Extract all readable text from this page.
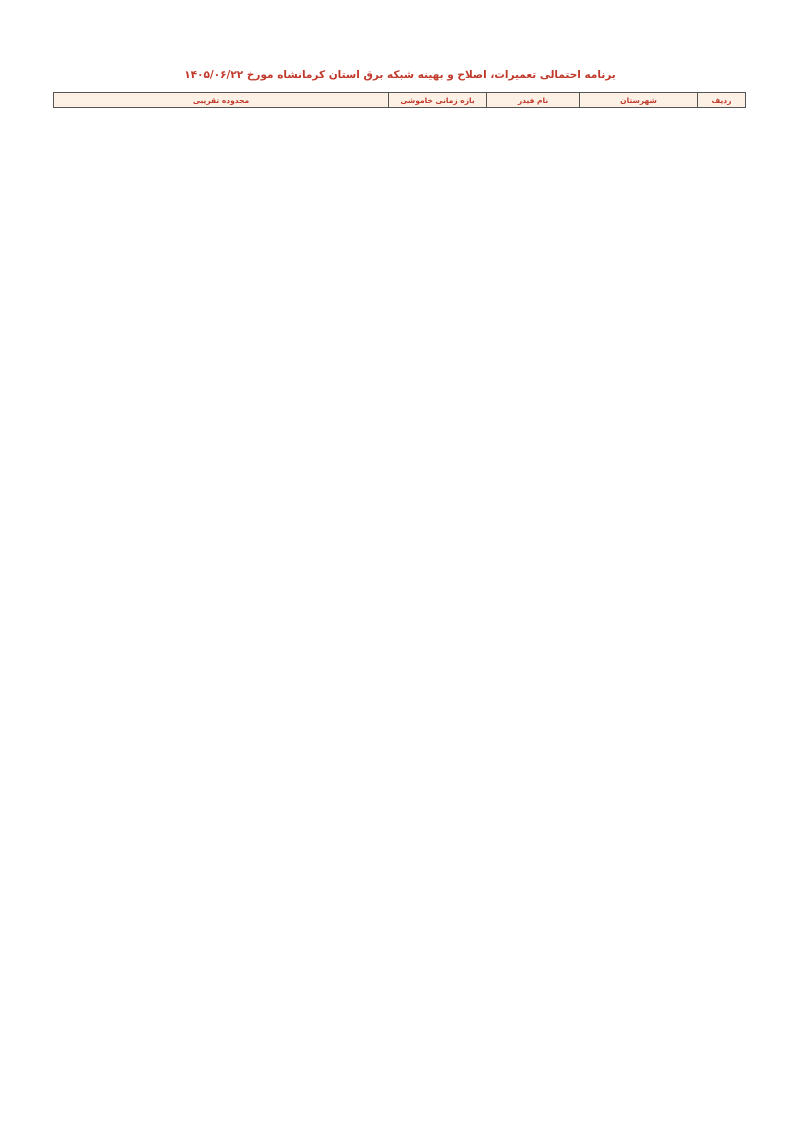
برنامه احتمالی تعمیرات، اصلاح و بهینه شبکه برق استان کرمانشاه مورخ ۱۴۰۵/۰۶/۲۲
ردیف	شهرستان	نام فیدر	بازه زمانی خاموشی	محدوده تقریبی
